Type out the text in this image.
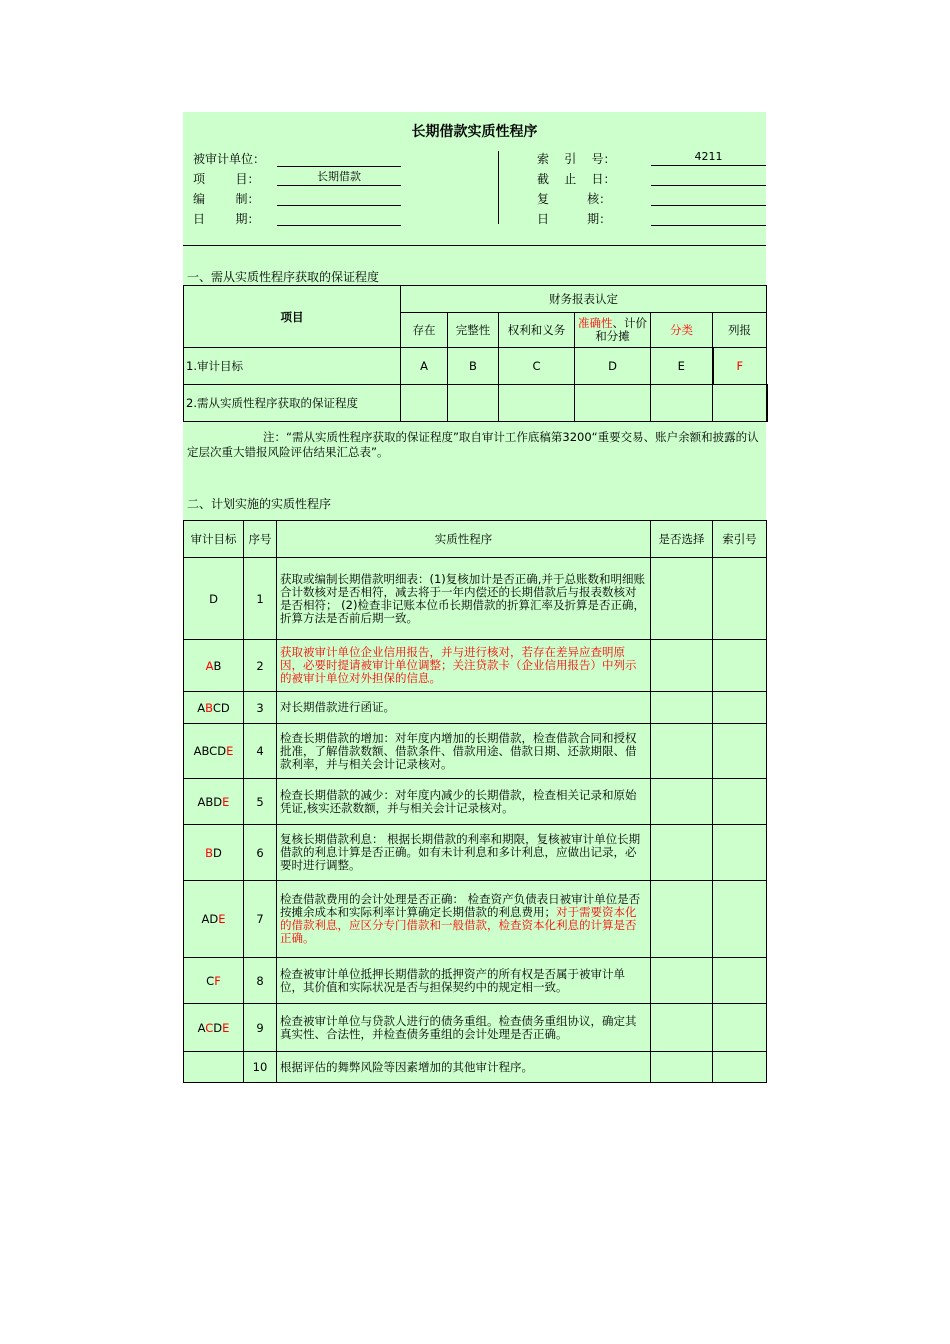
长期借款实质性程序
被审计单位：
项        目：	长期借款
编        制：
日        期：
索    引    号：	4211
截    止    日：
复          核：
日          期：
一、需从实质性程序获取的保证程度
项目	财务报表认定					
	存在	完整性	权利和义务	准确性、计价和分摊	分类	列报
1.审计目标	A	B	C	D	E	F
2.需从实质性程序获取的保证程度						
注：“需从实质性程序获取的保证程度”取自审计工作底稿第3200“重要交易、账户余额和披露的认定层次重大错报风险评估结果汇总表”。
二、计划实施的实质性程序
审计目标	序号	实质性程序	是否选择	索引号
D	1	获取或编制长期借款明细表：(1)复核加计是否正确,并于总账数和明细账合计数核对是否相符，减去将于一年内偿还的长期借款后与报表数核对是否相符； (2)检查非记账本位币长期借款的折算汇率及折算是否正确，折算方法是否前后期一致。		
AB	2	获取被审计单位企业信用报告，并与进行核对，若存在差异应查明原因，必要时提请被审计单位调整；关注贷款卡（企业信用报告）中列示的被审计单位对外担保的信息。		
ABCD	3	对长期借款进行函证。		
ABCDE	4	检查长期借款的增加：对年度内增加的长期借款，检查借款合同和授权批准，了解借款数额、借款条件、借款用途、借款日期、还款期限、借款利率，并与相关会计记录核对。		
ABDE	5	检查长期借款的减少：对年度内减少的长期借款，检查相关记录和原始凭证,核实还款数额，并与相关会计记录核对。		
BD	6	复核长期借款利息： 根据长期借款的利率和期限，复核被审计单位长期借款的利息计算是否正确。如有未计利息和多计利息，应做出记录，必要时进行调整。		
ADE	7	检查借款费用的会计处理是否正确： 检查资产负债表日被审计单位是否按摊余成本和实际利率计算确定长期借款的利息费用；对于需要资本化的借款利息，应区分专门借款和一般借款，检查资本化利息的计算是否正确。		
CF	8	检查被审计单位抵押长期借款的抵押资产的所有权是否属于被审计单位，其价值和实际状况是否与担保契约中的规定相一致。		
ACDE	9	检查被审计单位与贷款人进行的债务重组。检查债务重组协议，确定其真实性、合法性，并检查债务重组的会计处理是否正确。		
	10	根据评估的舞弊风险等因素增加的其他审计程序。		
